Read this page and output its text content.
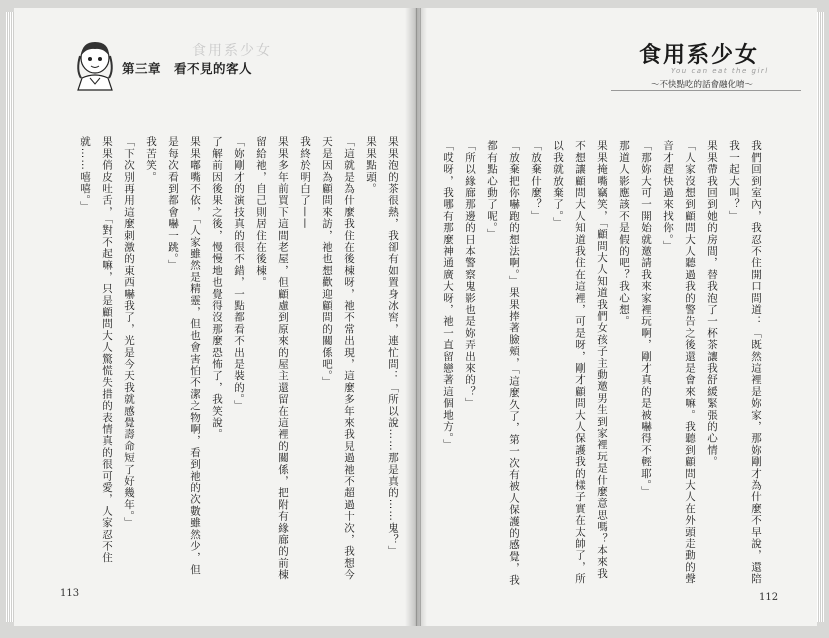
食用系少女
第三章　看不見的客人

果果泡的茶很熱，我卻有如置身冰窖，連忙問：「所以說……那是真的……鬼？」

果果點頭。

「這就是為什麼我住在後棟呀，祂不常出現，這麼多年來我見過祂不超過十次，我想今天是因為顧問來訪，祂也想歡迎顧問的關係吧。」

我終於明白了——

果果多年前買下這間老屋，但顧慮到原來的屋主還留在這裡的關係，把附有緣廊的前棟留給祂，自己則居住在後棟。

「妳剛才的演技真的很不錯，一點都看不出是裝的。」

了解前因後果之後，慢慢地也覺得沒那麼恐怖了，我笑說。

果果嘟嘴不依，「人家雖然是精靈，但也會害怕不潔之物啊，看到祂的次數雖然少，但是每次看到都會嚇一跳。」

我苦笑。

「下次別再用這麼刺激的東西嚇我了，光是今天我就感覺壽命短了好幾年。」

果果俏皮吐舌，「對不起嘛，只是顧問大人驚慌失措的表情真的很可愛，人家忍不住就……嘻嘻。」

113
食用系少女
You can eat the girl
～不快點吃的話會融化唷～

我們回到室內，我忍不住開口問道：「既然這裡是妳家，那妳剛才為什麼不早說，還陪我一起大叫？」

果果帶我回到她的房間，替我泡了一杯茶讓我舒緩緊張的心情。

「人家沒想到顧問大人聽過我的警告之後還是會來嘛。我聽到顧問大人在外頭走動的聲音才趕快過來找你。」

「那妳大可一開始就邀請我來家裡玩啊，剛才真的是被嚇得不輕耶。」

那道人影應該不是假的吧？我心想。

果果掩嘴竊笑，「顧問大人知道我們女孩子主動邀男生到家裡玩是什麼意思嗎？本來我不想讓顧問大人知道我住在這裡，可是呀，剛才顧問大人保護我的樣子實在太帥了，所以我就放棄了。」

「放棄什麼？」

「放棄把你嚇跑的想法啊。」果果捧著臉頰，「這麼久了，第一次有被人保護的感覺，我都有點心動了呢。」

「所以緣廊那邊的日本警察鬼影也是妳弄出來的？」

「哎呀，我哪有那麼神通廣大呀，祂一直留戀著這個地方。」

112
